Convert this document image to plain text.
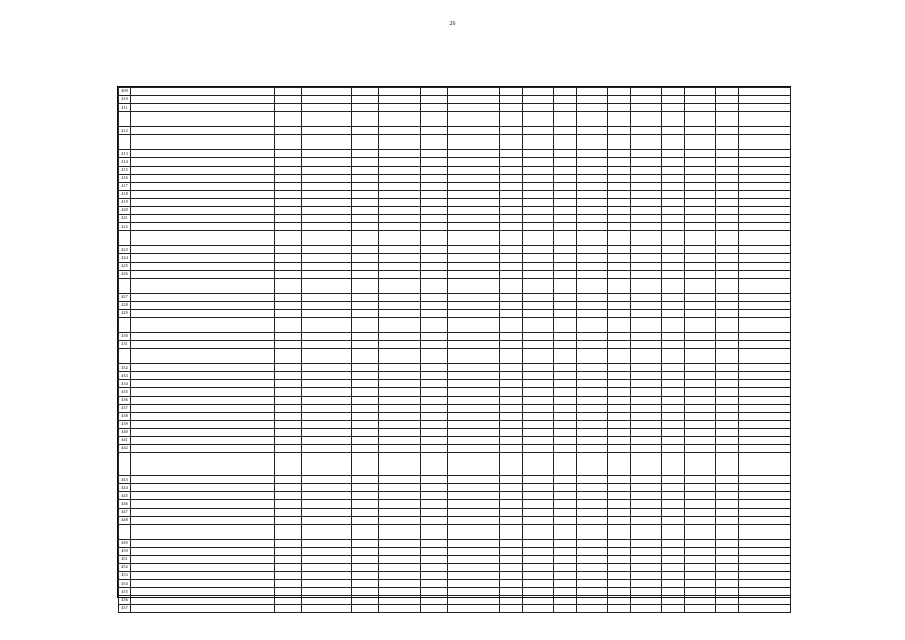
26
409																	
410																	
411																	

412																	

413																	
414																	
415																	
416																	
417																	
418																	
419																	
420																	
421																	
422																	

423																	
424																	
425																	
426																	

427																	
428																	
429																	

430																	
431																	

432																	
433																	
434																	
435																	
436																	
437																	
438																	
439																	
440																	
441																	
442																	

443																	
444																	
445																	
446																	
447																	
448																	

449																	
450																	
451																	
452																	
453																	
454																	
455																	
456																	
457																	
